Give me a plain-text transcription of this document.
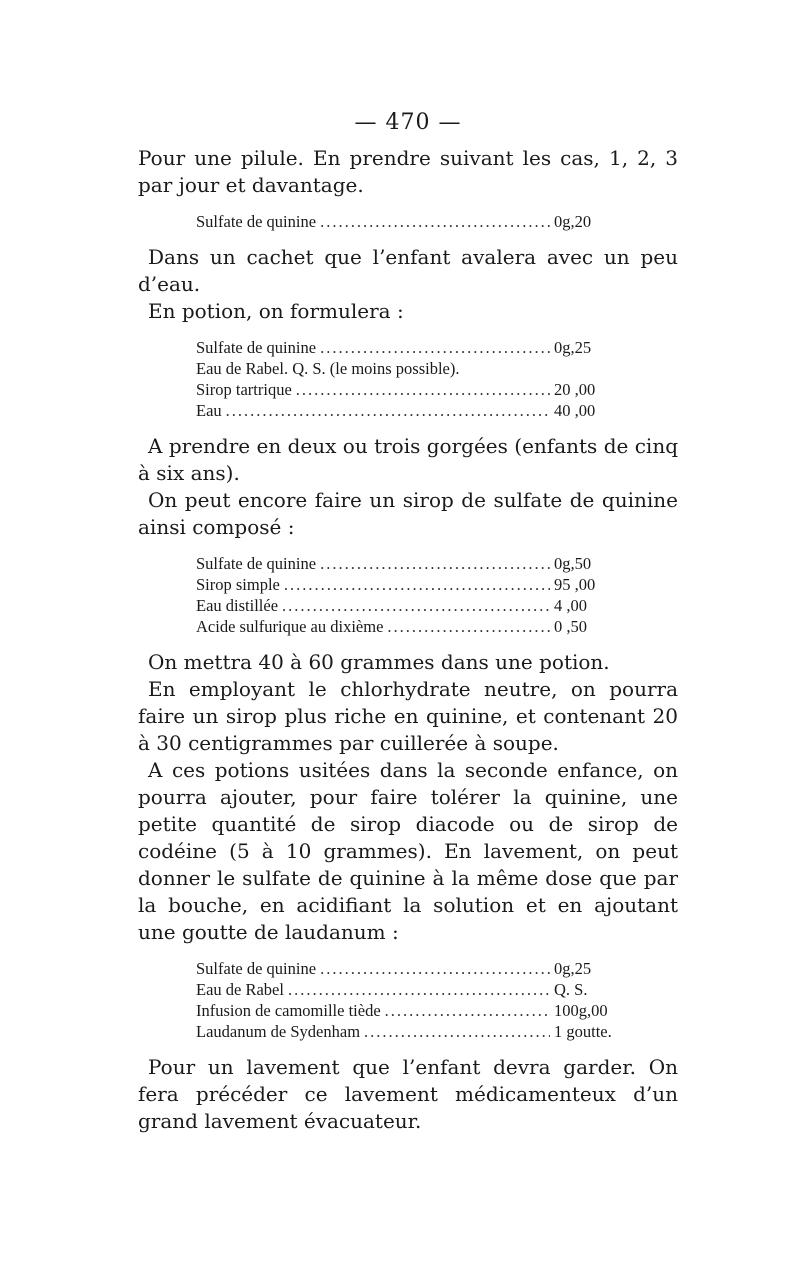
— 470 —

Pour une pilule. En prendre suivant les cas, 1, 2, 3 par jour et davantage.

Sulfate de quinine .....	0g,20

Dans un cachet que l’enfant avalera avec un peu d’eau.

En potion, on formulera :

Sulfate de quinine .....	0g,25
Eau de Rabel. Q. S. (le moins possible).
Sirop tartrique .....	20 ,00
Eau .....	40 ,00

A prendre en deux ou trois gorgées (enfants de cinq à six ans).

On peut encore faire un sirop de sulfate de quinine ainsi composé :

Sulfate de quinine .....	0g,50
Sirop simple .....	95 ,00
Eau distillée .....	4 ,00
Acide sulfurique au dixième .....	0 ,50

On mettra 40 à 60 grammes dans une potion.

En employant le chlorhydrate neutre, on pourra faire un sirop plus riche en quinine, et contenant 20 à 30 centigrammes par cuillerée à soupe.

A ces potions usitées dans la seconde enfance, on pourra ajouter, pour faire tolérer la quinine, une petite quantité de sirop diacode ou de sirop de codéine (5 à 10 grammes). En lavement, on peut donner le sulfate de quinine à la même dose que par la bouche, en acidifiant la solution et en ajoutant une goutte de laudanum :

Sulfate de quinine .....	0g,25
Eau de Rabel .....	Q. S.
Infusion de camomille tiède .....	100g,00
Laudanum de Sydenham .....	1 goutte.

Pour un lavement que l’enfant devra garder. On fera précéder ce lavement médicamenteux d’un grand lavement évacuateur.
